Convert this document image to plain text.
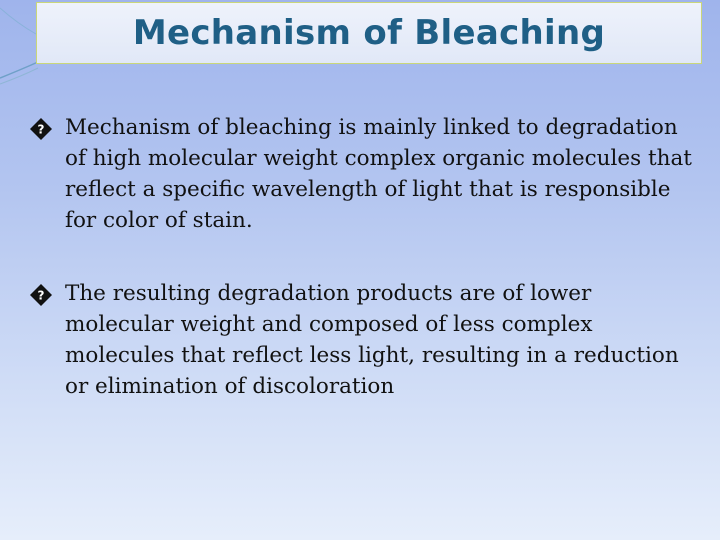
Mechanism of Bleaching
? Mechanism of bleaching is mainly linked to degradation of high molecular weight complex organic molecules that reflect a specific wavelength of light that is responsible for color of stain.
? The resulting degradation products are of lower molecular weight and composed of less complex molecules that reflect less light, resulting in a reduction or elimination of discoloration
